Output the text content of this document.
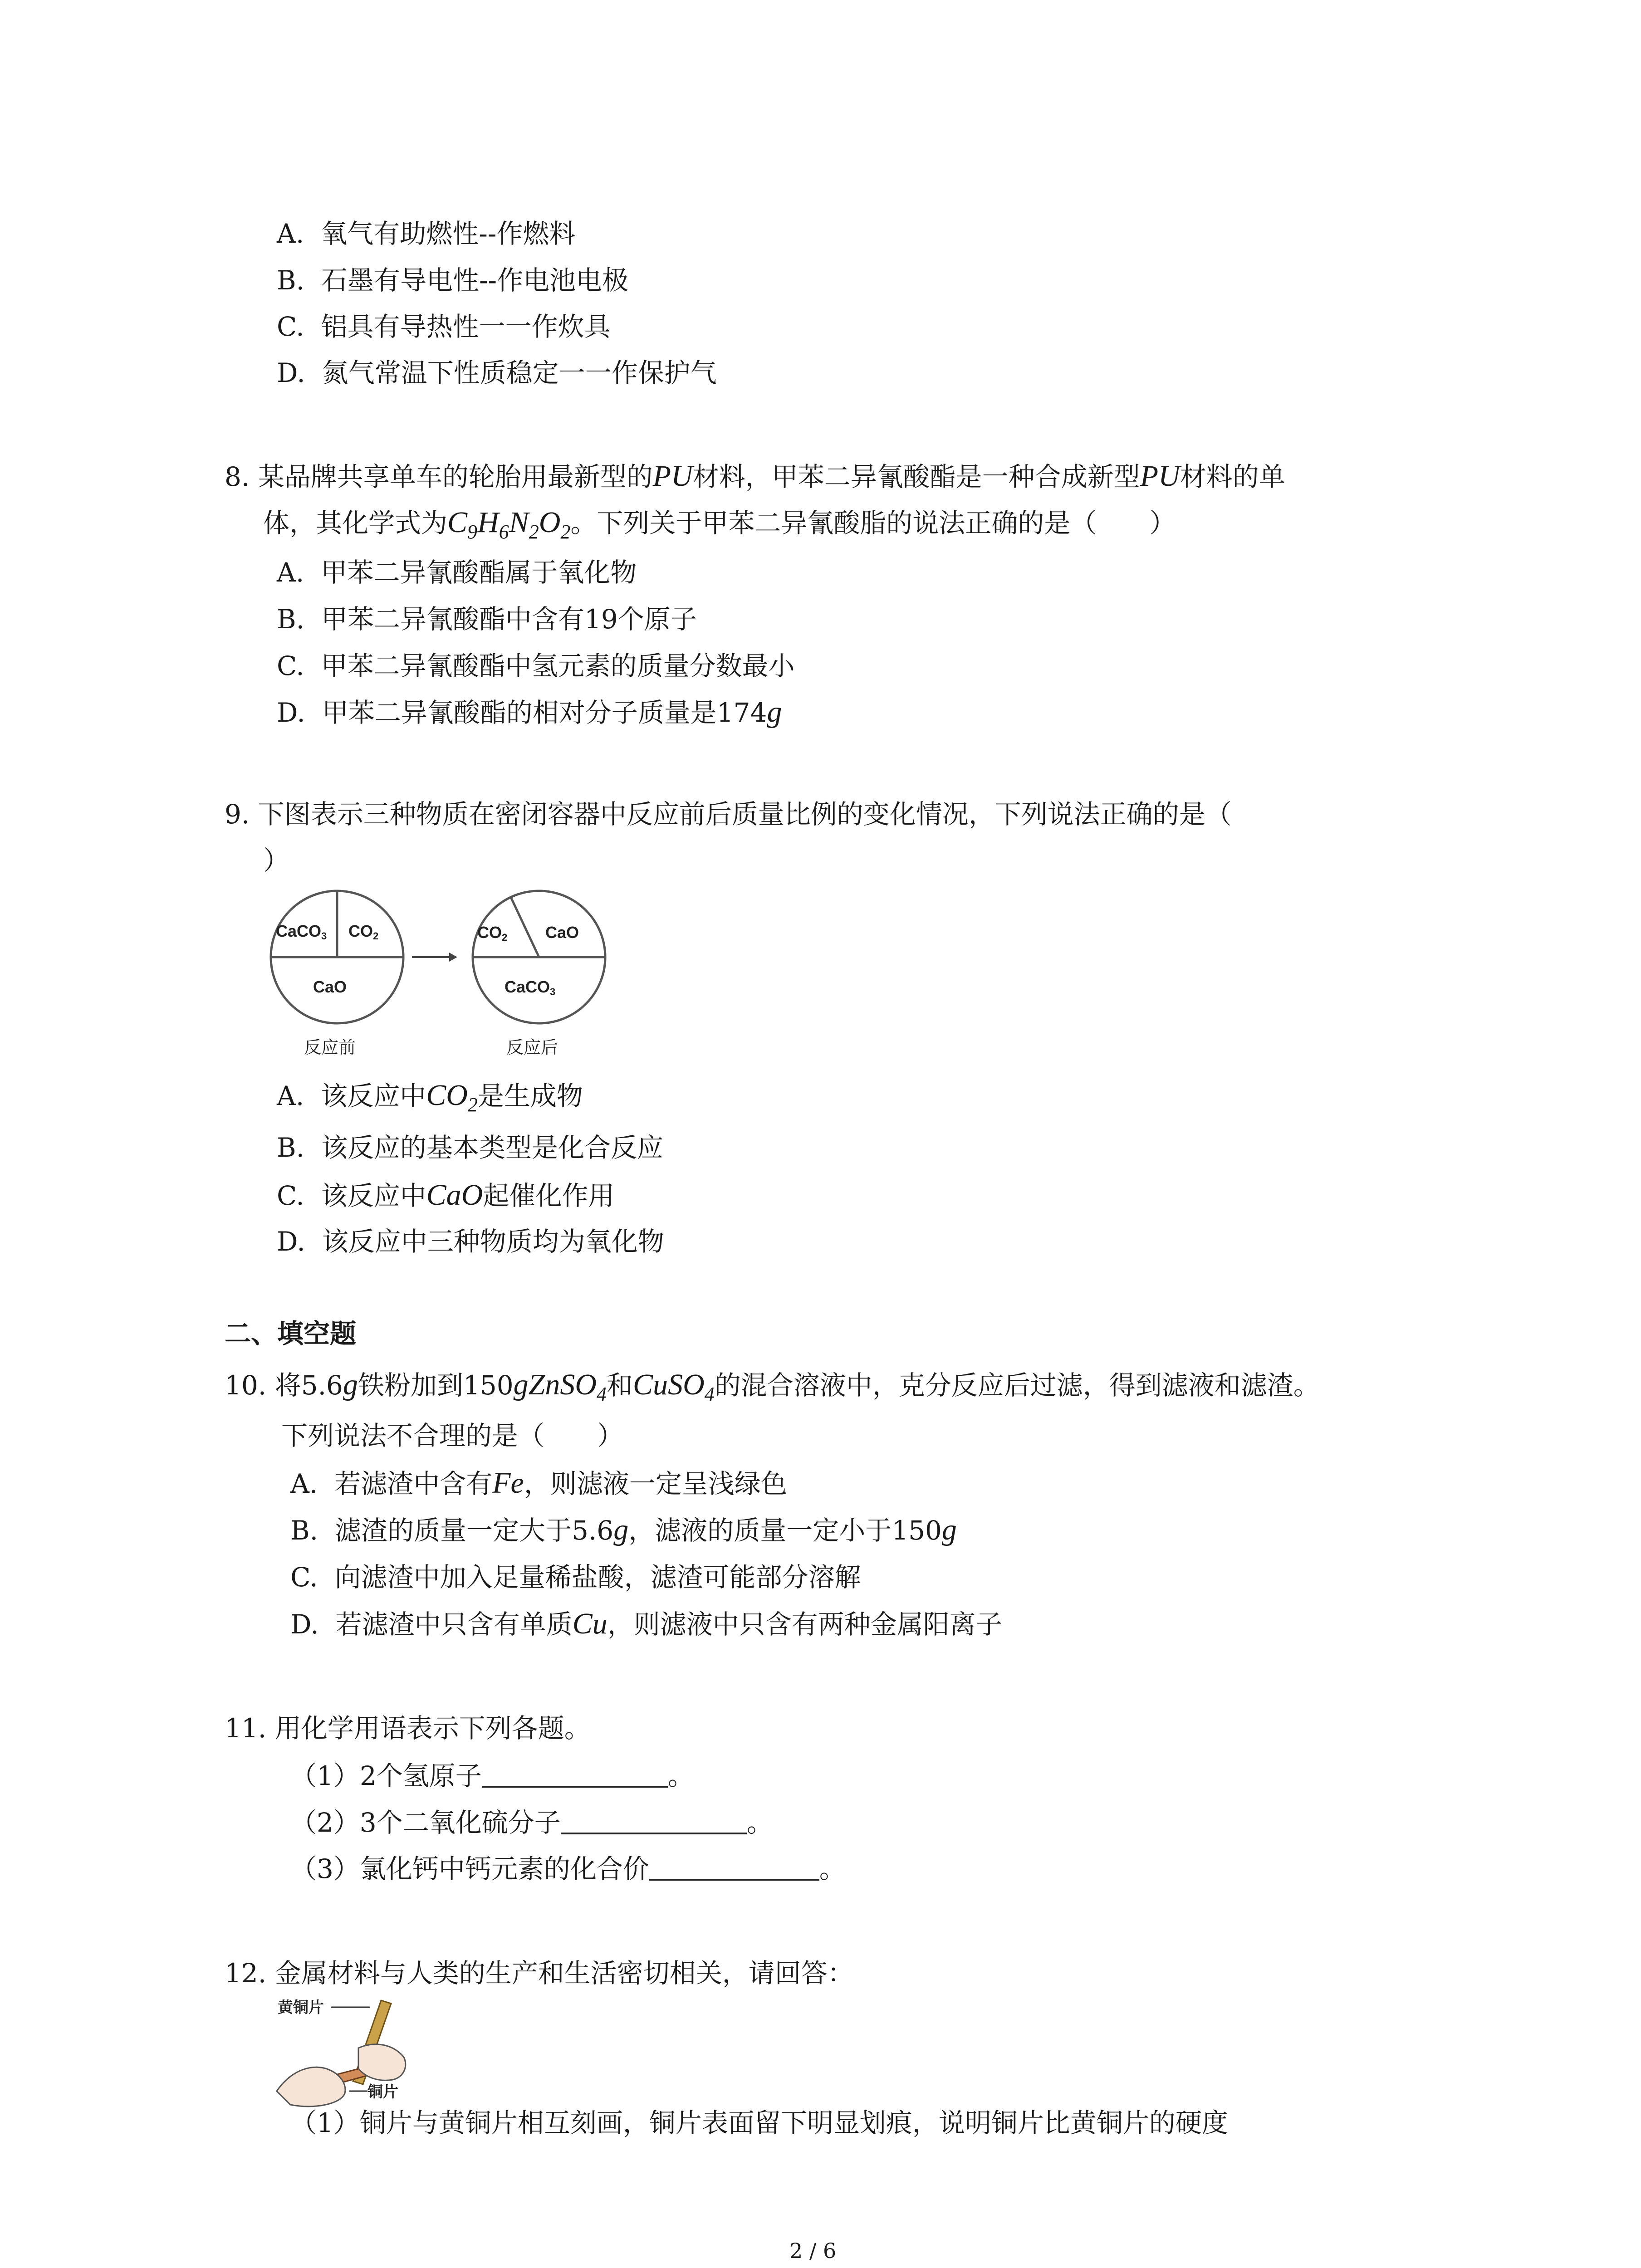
A. 氧气有助燃性--作燃料
B. 石墨有导电性--作电池电极
C. 铝具有导热性一一作炊具
D. 氮气常温下性质稳定一一作保护气
8. 某品牌共享单车的轮胎用最新型的PU材料，甲苯二异氰酸酯是一种合成新型PU材料的单
体，其化学式为$C_9H_6N_2O_2$。下列关于甲苯二异氰酸脂的说法正确的是（　　）
A. 甲苯二异氰酸酯属于氧化物
B. 甲苯二异氰酸酯中含有19个原子
C. 甲苯二异氰酸酯中氢元素的质量分数最小
D. 甲苯二异氰酸酯的相对分子质量是174g
9. 下图表示三种物质在密闭容器中反应前后质量比例的变化情况，下列说法正确的是（
）
CaCO3 CO2
CaO
反应前
CO2 CaO
CaCO3
反应后
A. 该反应中$CO_2$是生成物
B. 该反应的基本类型是化合反应
C. 该反应中CaO起催化作用
D. 该反应中三种物质均为氧化物
二、填空题
10. 将5.6g铁粉加到150gZnSO$_4$和CuSO$_4$的混合溶液中，克分反应后过滤，得到滤液和滤渣。
下列说法不合理的是（　　）
A. 若滤渣中含有Fe，则滤液一定呈浅绿色
B. 滤渣的质量一定大于5.6g，滤液的质量一定小于150g
C. 向滤渣中加入足量稀盐酸，滤渣可能部分溶解
D. 若滤渣中只含有单质Cu，则滤液中只含有两种金属阳离子
11. 用化学用语表示下列各题。
（1）2个氢原子	。
（2）3个二氧化硫分子	。
（3）氯化钙中钙元素的化合价	。
12. 金属材料与人类的生产和生活密切相关，请回答：
黄铜片
铜片
（1）铜片与黄铜片相互刻画，铜片表面留下明显划痕，说明铜片比黄铜片的硬度
2 / 6
